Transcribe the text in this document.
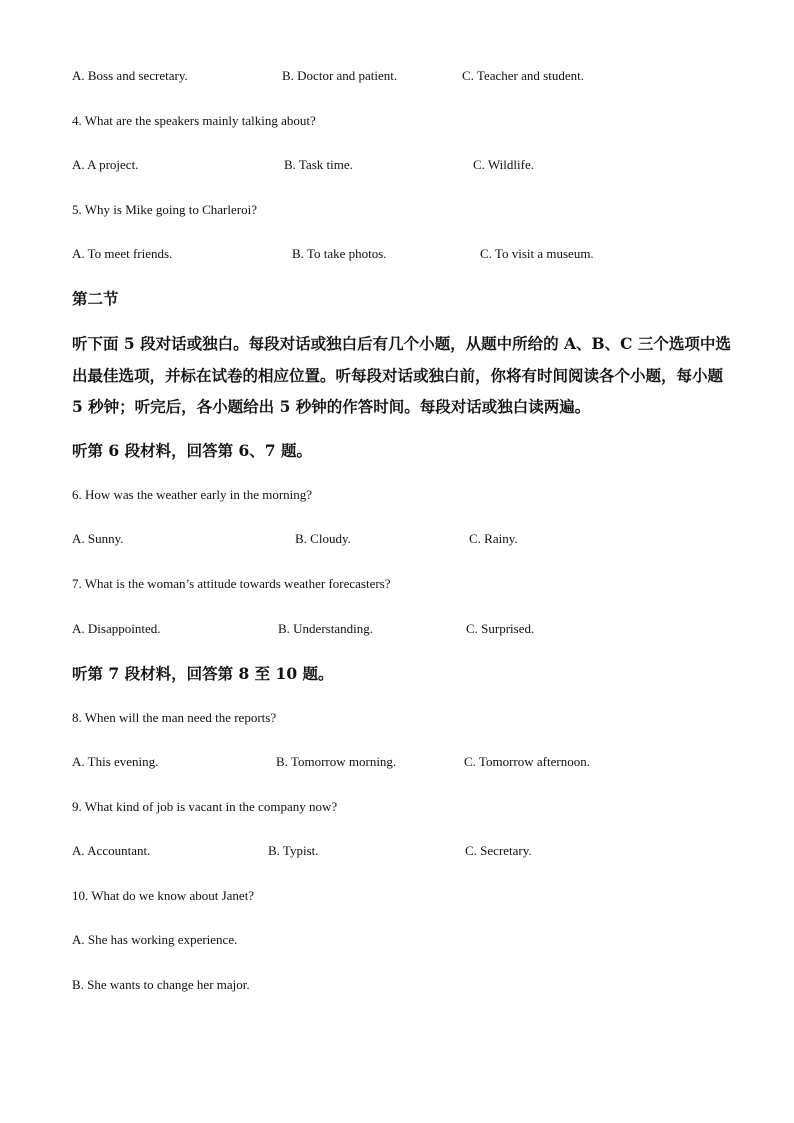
A. Boss and secretary.	B. Doctor and patient.	C. Teacher and student.
4. What are the speakers mainly talking about?
A. A project.	B. Task time.	C. Wildlife.
5. Why is Mike going to Charleroi?
A. To meet friends.	B. To take photos.	C. To visit a museum.
第二节
听下面 5 段对话或独白。每段对话或独白后有几个小题，从题中所给的 A、B、C 三个选项中选出最佳选项，并标在试卷的相应位置。听每段对话或独白前，你将有时间阅读各个小题，每小题 5 秒钟；听完后，各小题给出 5 秒钟的作答时间。每段对话或独白读两遍。
听第 6 段材料，回答第 6、7 题。
6. How was the weather early in the morning?
A. Sunny.	B. Cloudy.	C. Rainy.
7. What is the woman’s attitude towards weather forecasters?
A. Disappointed.	B. Understanding.	C. Surprised.
听第 7 段材料，回答第 8 至 10 题。
8. When will the man need the reports?
A. This evening.	B. Tomorrow morning.	C. Tomorrow afternoon.
9. What kind of job is vacant in the company now?
A. Accountant.	B. Typist.	C. Secretary.
10. What do we know about Janet?
A. She has working experience.
B. She wants to change her major.
